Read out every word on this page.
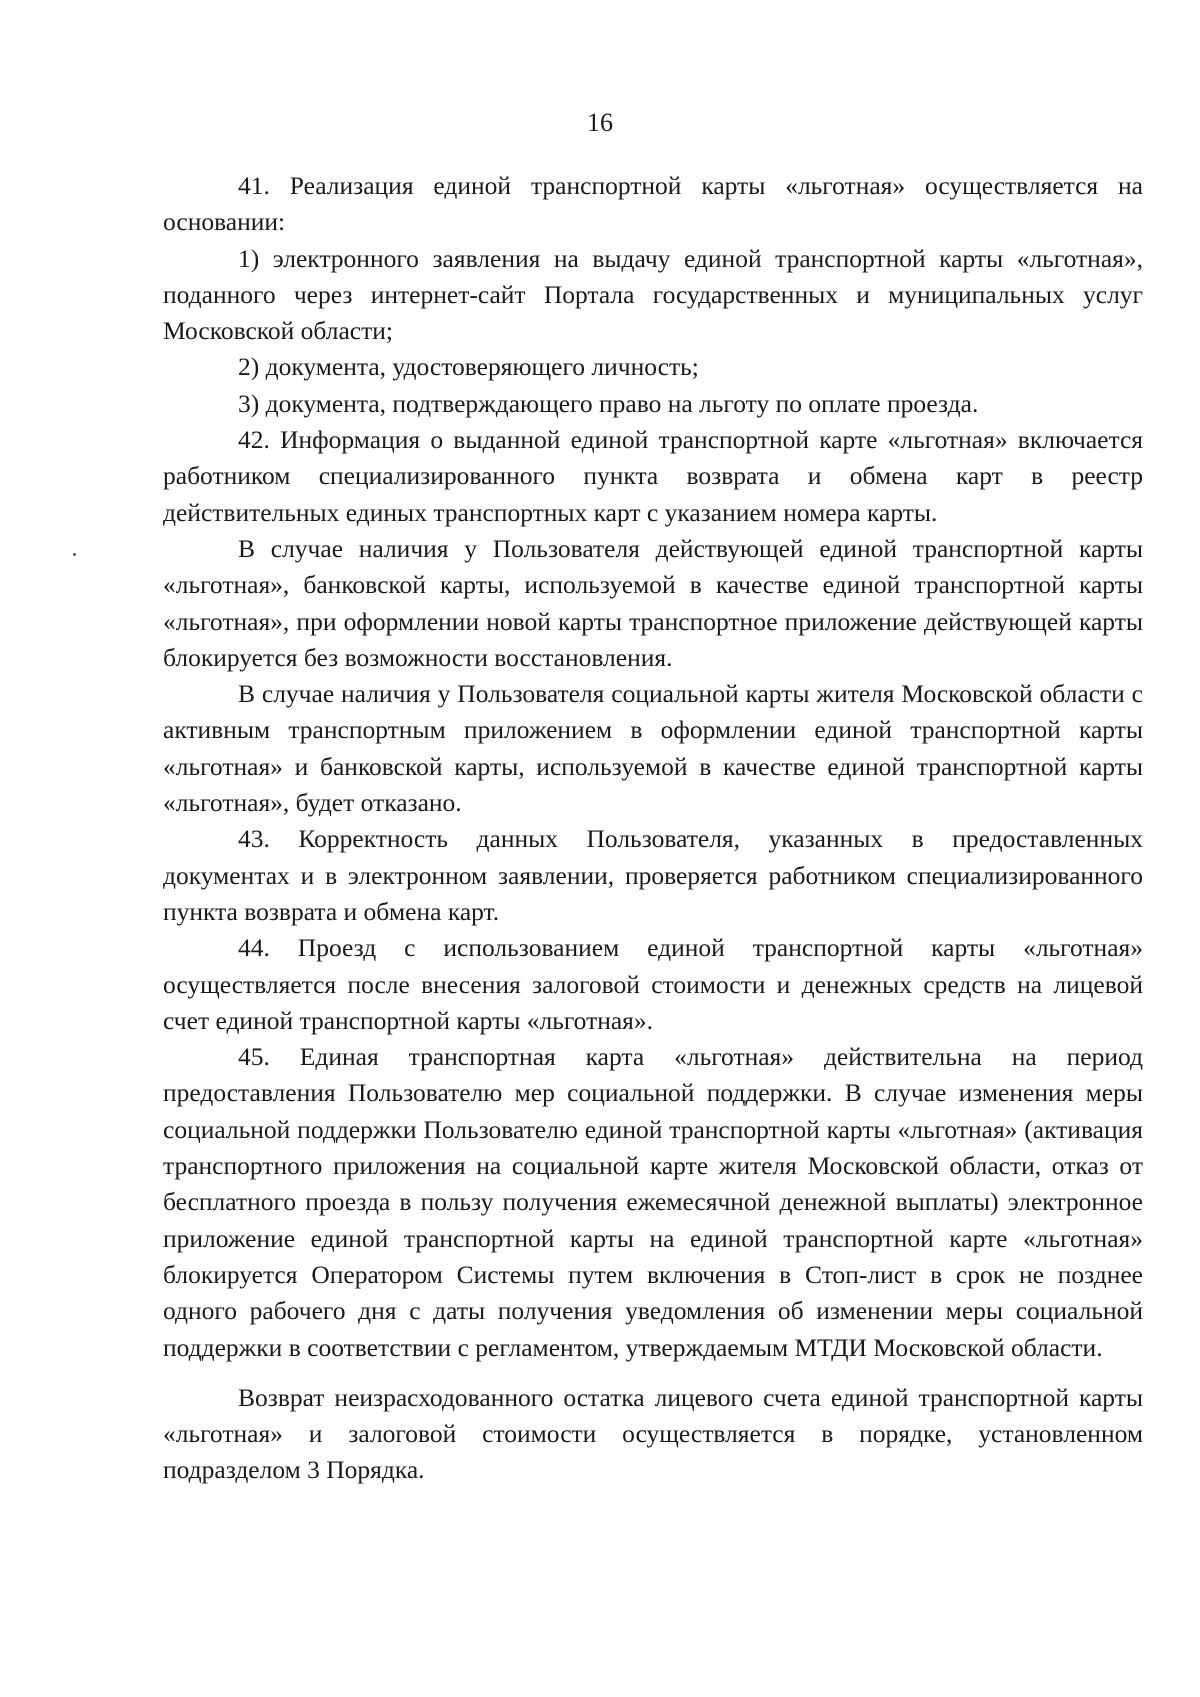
16

41. Реализация единой транспортной карты «льготная» осуществляется на основании:

1) электронного заявления на выдачу единой транспортной карты «льготная», поданного через интернет-сайт Портала государственных и муниципальных услуг Московской области;

2) документа, удостоверяющего личность;

3) документа, подтверждающего право на льготу по оплате проезда.

42. Информация о выданной единой транспортной карте «льготная» включается работником специализированного пункта возврата и обмена карт в реестр действительных единых транспортных карт с указанием номера карты.

В случае наличия у Пользователя действующей единой транспортной карты «льготная», банковской карты, используемой в качестве единой транспортной карты «льготная», при оформлении новой карты транспортное приложение действующей карты блокируется без возможности восстановления.

В случае наличия у Пользователя социальной карты жителя Московской области с активным транспортным приложением в оформлении единой транспортной карты «льготная» и банковской карты, используемой в качестве единой транспортной карты «льготная», будет отказано.

43. Корректность данных Пользователя, указанных в предоставленных документах и в электронном заявлении, проверяется работником специализированного пункта возврата и обмена карт.

44. Проезд с использованием единой транспортной карты «льготная» осуществляется после внесения залоговой стоимости и денежных средств на лицевой счет единой транспортной карты «льготная».

45. Единая транспортная карта «льготная» действительна на период предоставления Пользователю мер социальной поддержки. В случае изменения меры социальной поддержки Пользователю единой транспортной карты «льготная» (активация транспортного приложения на социальной карте жителя Московской области, отказ от бесплатного проезда в пользу получения ежемесячной денежной выплаты) электронное приложение единой транспортной карты на единой транспортной карте «льготная» блокируется Оператором Системы путем включения в Стоп-лист в срок не позднее одного рабочего дня с даты получения уведомления об изменении меры социальной поддержки в соответствии с регламентом, утверждаемым МТДИ Московской области.

Возврат неизрасходованного остатка лицевого счета единой транспортной карты «льготная» и залоговой стоимости осуществляется в порядке, установленном подразделом 3 Порядка.
